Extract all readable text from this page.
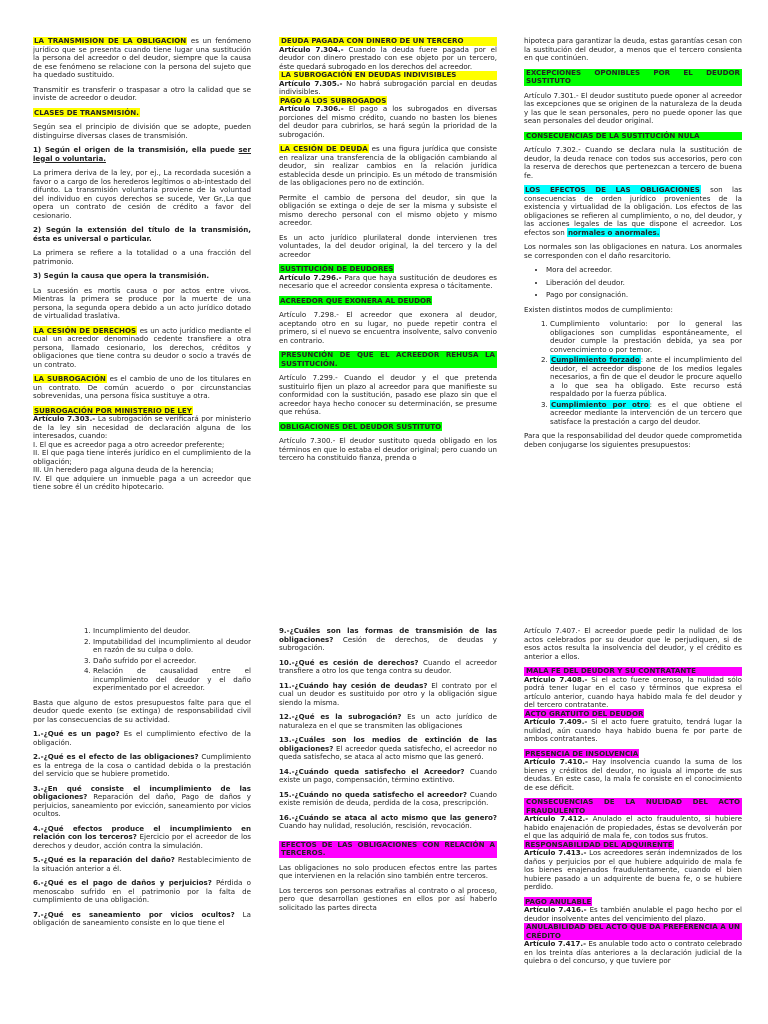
LA TRANSMISIÓN DE LA OBLIGACIÓN es un fenómeno jurídico que se presenta cuando tiene lugar una sustitución la persona del acreedor o del deudor, siempre que la causa de ese fenómeno se relacione con la persona del sujeto que ha quedado sustituido.

Transmitir es transferir o traspasar a otro la calidad que se inviste de acreedor o deudor.

CLASES DE TRANSMISIÓN.

Según sea el principio de división que se adopte, pueden distinguirse diversas clases de transmisión.

1) Según el origen de la transmisión, ella puede ser legal o voluntaria.

La primera deriva de la ley, por ej., La recordada sucesión a favor o a cargo de los herederos legítimos o ab-intestado del difunto. La transmisión voluntaria proviene de la voluntad del individuo en cuyos derechos se sucede, Ver Gr.,La que opera un contrato de cesión de crédito a favor del cesionario.

2) Según la extensión del título de la transmisión, ésta es universal o particular.

La primera se refiere a la totalidad o a una fracción del patrimonio.

3) Según la causa que opera la transmisión.

La sucesión es mortis causa o por actos entre vivos. Mientras la primera se produce por la muerte de una persona, la segunda opera debido a un acto jurídico dotado de virtualidad traslativa.

LA CESIÓN DE DERECHOS es un acto jurídico mediante el cual un acreedor denominado cedente transfiere a otra persona, llamado cesionario, los derechos, créditos y obligaciones que tiene contra su deudor o socio a través de un contrato.

LA SUBROGACIÓN es el cambio de uno de los titulares en un contrato. De común acuerdo o por circunstancias sobrevenidas, una persona física sustituye a otra.

SUBROGACIÓN POR MINISTERIO DE LEY

Artículo 7.303.- La subrogación se verificará por ministerio de la ley sin necesidad de declaración alguna de los interesados, cuando:

I. El que es acreedor paga a otro acreedor preferente;

II. El que paga tiene interés jurídico en el cumplimiento de la obligación;

III. Un heredero paga alguna deuda de la herencia;

IV. El que adquiere un inmueble paga a un acreedor que tiene sobre él un crédito hipotecario.

DEUDA PAGADA CON DINERO DE UN TERCERO

Artículo 7.304.- Cuando la deuda fuere pagada por el deudor con dinero prestado con ese objeto por un tercero, éste quedará subrogado en los derechos del acreedor.

LA SUBROGACIÓN EN DEUDAS INDIVISIBLES

Artículo 7.305.- No habrá subrogación parcial en deudas indivisibles.

PAGO A LOS SUBROGADOS

Artículo 7.306.- El pago a los subrogados en diversas porciones del mismo crédito, cuando no basten los bienes del deudor para cubrirlos, se hará según la prioridad de la subrogación.

LA CESIÓN DE DEUDA es una figura jurídica que consiste en realizar una transferencia de la obligación cambiando al deudor, sin realizar cambios en la relación jurídica establecida desde un principio. Es un método de transmisión de las obligaciones pero no de extinción.

Permite el cambio de persona del deudor, sin que la obligación se extinga o deje de ser la misma y subsiste el mismo derecho personal con el mismo objeto y mismo acreedor.

Es un acto jurídico plurilateral donde intervienen tres voluntades, la del deudor original, la del tercero y la del acreedor

SUSTITUCIÓN DE DEUDORES

Artículo 7.296.- Para que haya sustitución de deudores es necesario que el acreedor consienta expresa o tácitamente.

ACREEDOR QUE EXONERA AL DEUDOR

Artículo 7.298.- El acreedor que exonera al deudor, aceptando otro en su lugar, no puede repetir contra el primero, si el nuevo se encuentra insolvente, salvo convenio en contrario.

PRESUNCIÓN DE QUE EL ACREEDOR REHUSA LA SUSTITUCIÓN.

Artículo 7.299.- Cuando el deudor y el que pretenda sustituirlo fijen un plazo al acreedor para que manifieste su conformidad con la sustitución, pasado ese plazo sin que el acreedor haya hecho conocer su determinación, se presume que rehúsa.

OBLIGACIONES DEL DEUDOR SUSTITUTO

Artículo 7.300.- El deudor sustituto queda obligado en los términos en que lo estaba el deudor original; pero cuando un tercero ha constituido fianza, prenda o

hipoteca para garantizar la deuda, estas garantías cesan con la sustitución del deudor, a menos que el tercero consienta en que continúen.

EXCEPCIONES OPONIBLES POR EL DEUDOR SUSTITUTO

Artículo 7.301.- El deudor sustituto puede oponer al acreedor las excepciones que se originen de la naturaleza de la deuda y las que le sean personales, pero no puede oponer las que sean personales del deudor original.

CONSECUENCIAS DE LA SUSTITUCIÓN NULA

Artículo 7.302.- Cuando se declara nula la sustitución de deudor, la deuda renace con todos sus accesorios, pero con la reserva de derechos que pertenezcan a tercero de buena fe.

LOS EFECTOS DE LAS OBLIGACIONES son las consecuencias de orden jurídico provenientes de la existencia y virtualidad de la obligación. Los efectos de las obligaciones se refieren al cumplimiento, o no, del deudor, y las acciones legales de las que dispone el acreedor. Los efectos son normales o anormales.

Los normales son las obligaciones en natura. Los anormales se corresponden con el daño resarcitorio.

• Mora del acreedor.
• Liberación del deudor.
• Pago por consignación.

Existen distintos modos de cumplimiento:

1. Cumplimiento voluntario: por lo general las obligaciones son cumplidas espontáneamente, el deudor cumple la prestación debida, ya sea por convencimiento o por temor.
2. Cumplimiento forzado: ante el incumplimiento del deudor, el acreedor dispone de los medios legales necesarios, a fin de que el deudor le procure aquello a lo que sea ha obligado. Este recurso está respaldado por la fuerza pública.
3. Cumplimiento por otro: es el que obtiene el acreedor mediante la intervención de un tercero que satisface la prestación a cargo del deudor.

Para que la responsabilidad del deudor quede comprometida deben conjugarse los siguientes presupuestos:

1. Incumplimiento del deudor.
2. Imputabilidad del incumplimiento al deudor en razón de su culpa o dolo.
3. Daño sufrido por el acreedor.
4. Relación de causalidad entre el incumplimiento del deudor y el daño experimentado por el acreedor.

Basta que alguno de estos presupuestos falte para que el deudor quede exento (se extinga) de responsabilidad civil por las consecuencias de su actividad.

1.-¿Qué es un pago? Es el cumplimiento efectivo de la obligación.

2.-¿Qué es el efecto de las obligaciones? Cumplimiento es la entrega de la cosa o cantidad debida o la prestación del servicio que se hubiere prometido.

3.-¿En qué consiste el incumplimiento de las obligaciones? Reparación del daño, Pago de daños y perjuicios, saneamiento por evicción, saneamiento por vicios ocultos.

4.-¿Qué efectos produce el incumplimiento en relación con los terceros? Ejercicio por el acreedor de los derechos y deudor, acción contra la simulación.

5.-¿Qué es la reparación del daño? Restablecimiento de la situación anterior a él.

6.-¿Qué es el pago de daños y perjuicios? Pérdida o menoscabo sufrido en el patrimonio por la falta de cumplimiento de una obligación.

7.-¿Qué es saneamiento por vicios ocultos? La obligación de saneamiento consiste en lo que tiene el

9.-¿Cuáles son las formas de transmisión de las obligaciones? Cesión de derechos, de deudas y subrogación.

10.-¿Qué es cesión de derechos? Cuando el acreedor transfiere a otro los que tenga contra su deudor.

11.-¿Cuándo hay cesión de deudas? El contrato por el cual un deudor es sustituido por otro y la obligación sigue siendo la misma.

12.-¿Qué es la subrogación? Es un acto jurídico de naturaleza en el que se transmiten las obligaciones

13.-¿Cuáles son los medios de extinción de las obligaciones? El acreedor queda satisfecho, el acreedor no queda satisfecho, se ataca al acto mismo que las generó.

14.-¿Cuándo queda satisfecho el Acreedor? Cuando existe un pago, compensación, término extintivo.

15.-¿Cuándo no queda satisfecho el acreedor? Cuando existe remisión de deuda, perdida de la cosa, prescripción.

16.-¿Cuándo se ataca al acto mismo que las genero? Cuando hay nulidad, resolución, rescisión, revocación.

EFECTOS DE LAS OBLIGACIONES CON RELACIÓN A TERCEROS.

Las obligaciones no solo producen efectos entre las partes que intervienen en la relación sino también entre terceros.

Los terceros son personas extrañas al contrato o al proceso, pero que desarrollan gestiones en ellos por así haberlo solicitado las partes directa

Artículo 7.407.- El acreedor puede pedir la nulidad de los actos celebrados por su deudor que le perjudiquen, si de esos actos resulta la insolvencia del deudor, y el crédito es anterior a ellos.

MALA FE DEL DEUDOR Y SU CONTRATANTE

Artículo 7.408.- Si el acto fuere oneroso, la nulidad sólo podrá tener lugar en el caso y términos que expresa el artículo anterior, cuando haya habido mala fe del deudor y del tercero contratante.

ACTO GRATUITO DEL DEUDOR

Artículo 7.409.- Si el acto fuere gratuito, tendrá lugar la nulidad, aún cuando haya habido buena fe por parte de ambos contratantes.

PRESENCIA DE INSOLVENCIA

Artículo 7.410.- Hay insolvencia cuando la suma de los bienes y créditos del deudor, no iguala al importe de sus deudas. En este caso, la mala fe consiste en el conocimiento de ese déficit.

CONSECUENCIAS DE LA NULIDAD DEL ACTO FRAUDULENTO

Artículo 7.412.- Anulado el acto fraudulento, si hubiere habido enajenación de propiedades, éstas se devolverán por el que las adquirió de mala fe, con todos sus frutos.

RESPONSABILIDAD DEL ADQUIRENTE

Artículo 7.413.- Los acreedores serán indemnizados de los daños y perjuicios por el que hubiere adquirido de mala fe los bienes enajenados fraudulentamente, cuando el bien hubiere pasado a un adquirente de buena fe, o se hubiere perdido.

PAGO ANULABLE

Artículo 7.416.- Es también anulable el pago hecho por el deudor insolvente antes del vencimiento del plazo.

ANULABILIDAD DEL ACTO QUE DA PREFERENCIA A UN CRÉDITO

Artículo 7.417.- Es anulable todo acto o contrato celebrado en los treinta días anteriores a la declaración judicial de la quiebra o del concurso, y que tuviere por
